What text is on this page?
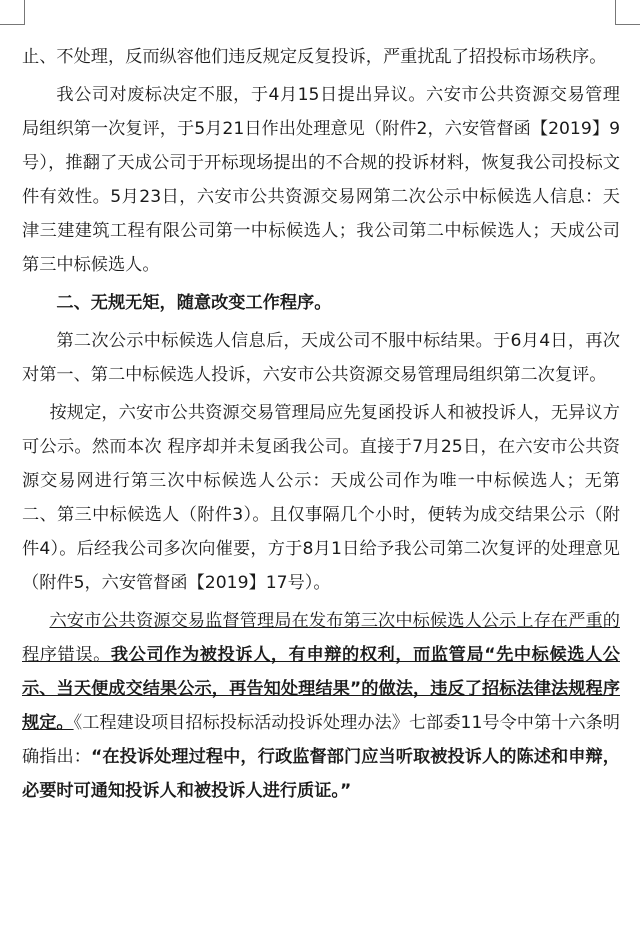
止、不处理，反而纵容他们违反规定反复投诉，严重扰乱了招投标市场秩序。

我公司对废标决定不服，于4月15日提出异议。六安市公共资源交易管理局组织第一次复评，于5月21日作出处理意见（附件2，六安管督函【2019】9号），推翻了天成公司于开标现场提出的不合规的投诉材料，恢复我公司投标文件有效性。5月23日，六安市公共资源交易网第二次公示中标候选人信息：天津三建建筑工程有限公司第一中标候选人；我公司第二中标候选人；天成公司第三中标候选人。

二、无规无矩，随意改变工作程序。

第二次公示中标候选人信息后，天成公司不服中标结果。于6月4日，再次对第一、第二中标候选人投诉，六安市公共资源交易管理局组织第二次复评。

按规定，六安市公共资源交易管理局应先复函投诉人和被投诉人，无异议方可公示。然而本次 程序却并未复函我公司。直接于7月25日，在六安市公共资源交易网进行第三次中标候选人公示：天成公司作为唯一中标候选人；无第二、第三中标候选人（附件3）。且仅事隔几个小时，便转为成交结果公示（附件4）。后经我公司多次向催要，方于8月1日给予我公司第二次复评的处理意见（附件5，六安管督函【2019】17号）。

六安市公共资源交易监督管理局在发布第三次中标候选人公示上存在严重的程序错误。我公司作为被投诉人，有申辩的权利，而监管局“先中标候选人公示、当天便成交结果公示，再告知处理结果”的做法，违反了招标法律法规程序规定。《工程建设项目招标投标活动投诉处理办法》七部委11号令中第十六条明确指出：“在投诉处理过程中，行政监督部门应当听取被投诉人的陈述和申辩，必要时可通知投诉人和被投诉人进行质证。”
